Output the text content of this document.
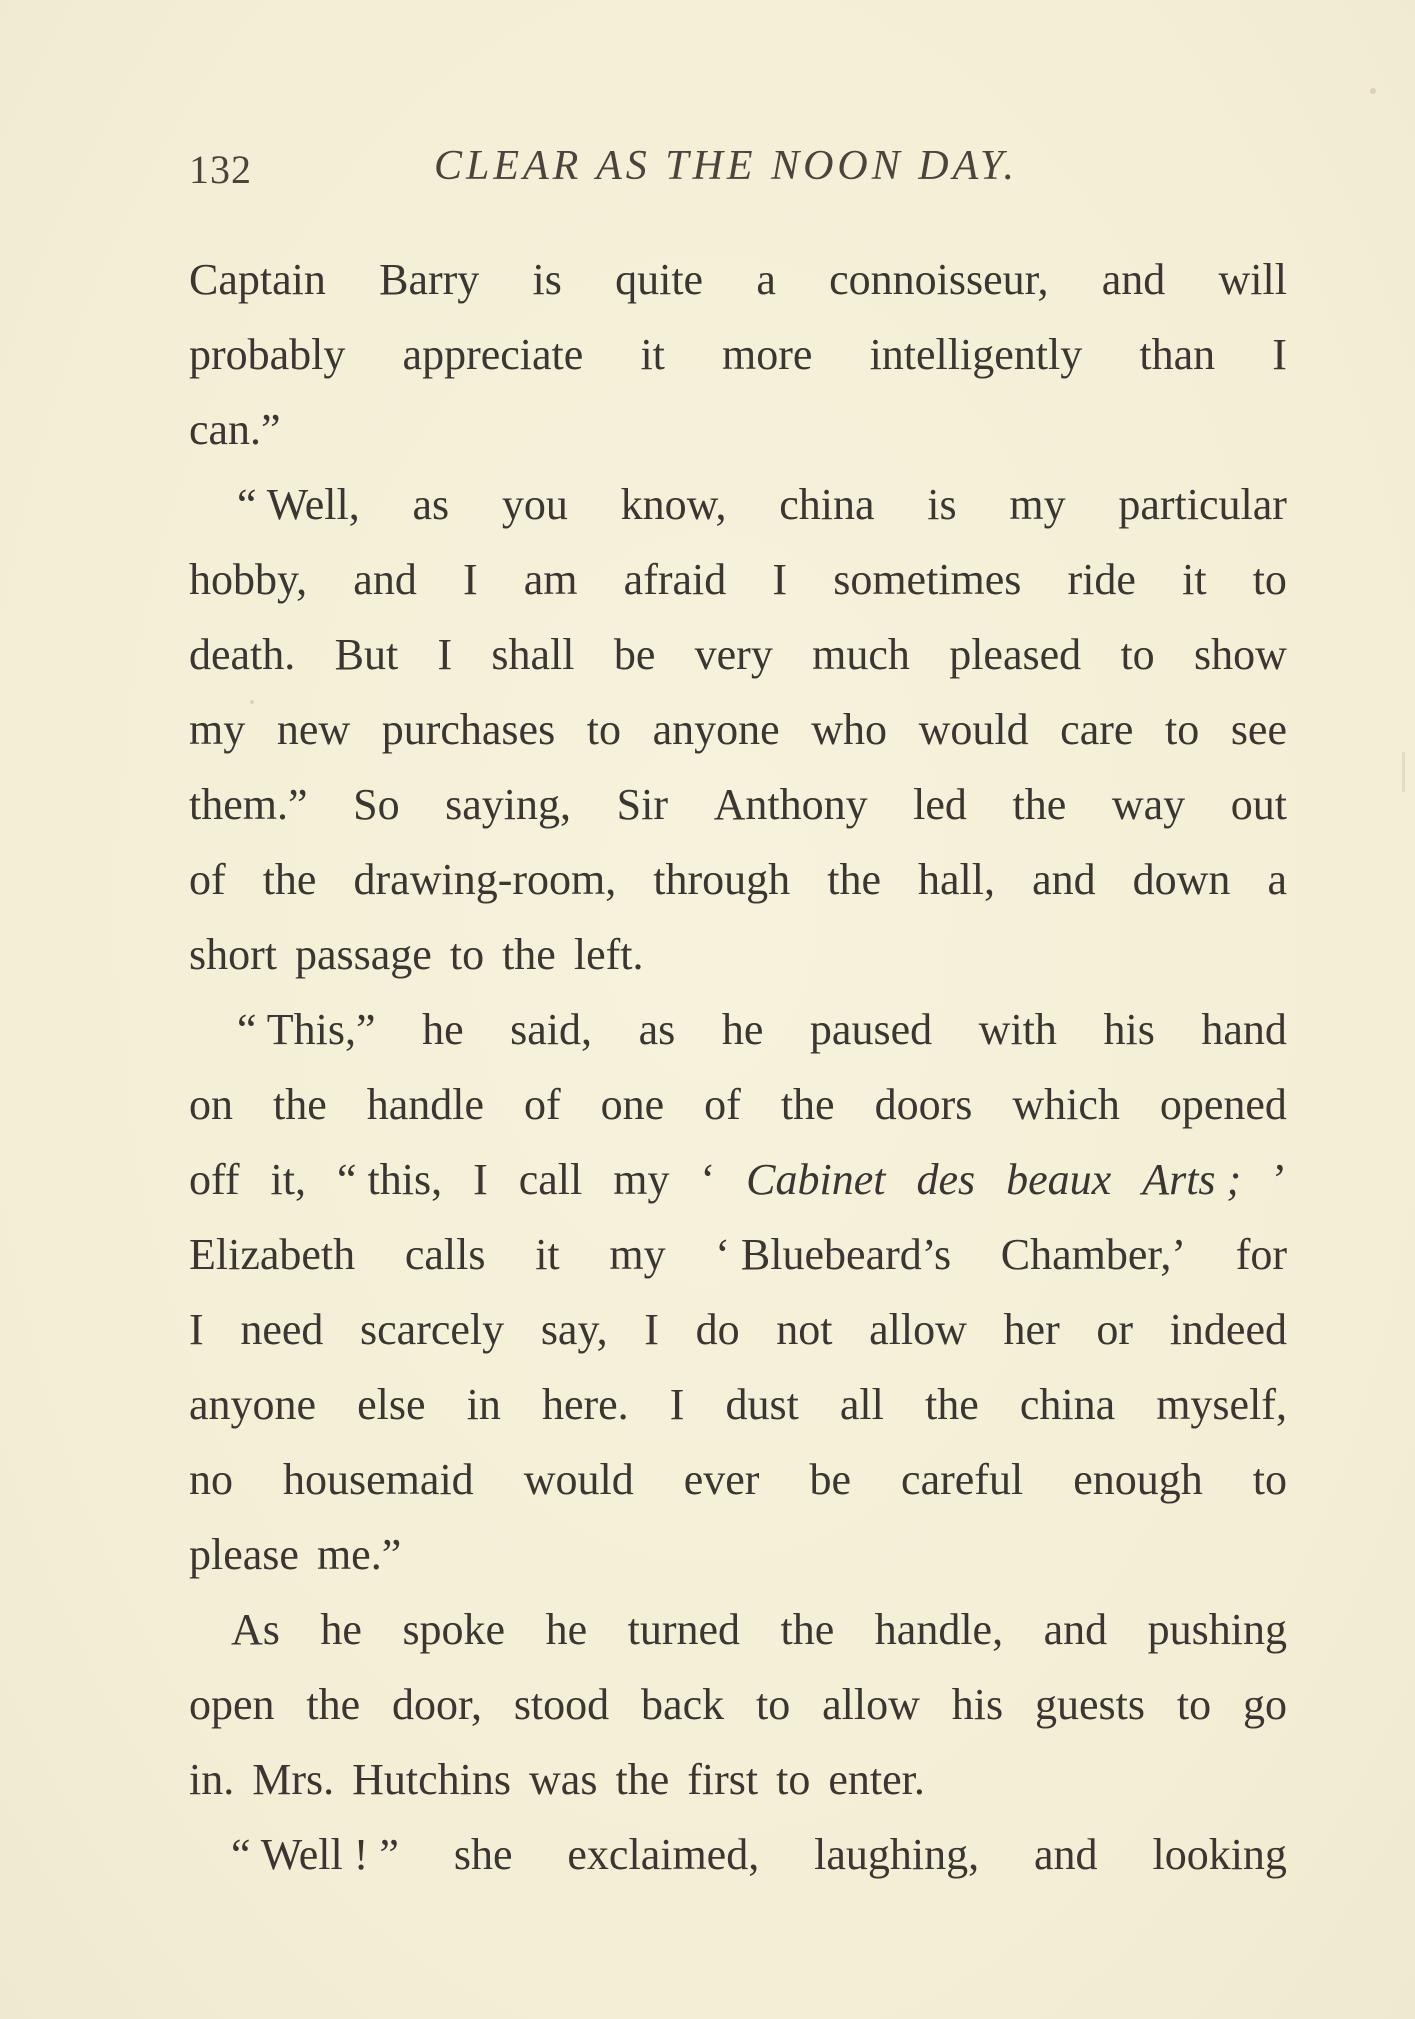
132	CLEAR AS THE NOON DAY.
Captain Barry is quite a connoisseur, and will
probably appreciate it more intelligently than I
can.”
“ Well, as you know, china is my particular
hobby, and I am afraid I sometimes ride it to
death. But I shall be very much pleased to show
my new purchases to anyone who would care to see
them.” So saying, Sir Anthony led the way out
of the drawing-room, through the hall, and down a
short passage to the left.
“ This,” he said, as he paused with his hand
on the handle of one of the doors which opened
off it, “ this, I call my ‘ Cabinet des beaux Arts ; ’
Elizabeth calls it my ‘ Bluebeard’s Chamber,’ for
I need scarcely say, I do not allow her or indeed
anyone else in here. I dust all the china myself,
no housemaid would ever be careful enough to
please me.”
As he spoke he turned the handle, and pushing
open the door, stood back to allow his guests to go
in. Mrs. Hutchins was the first to enter.
“ Well ! ” she exclaimed, laughing, and looking
